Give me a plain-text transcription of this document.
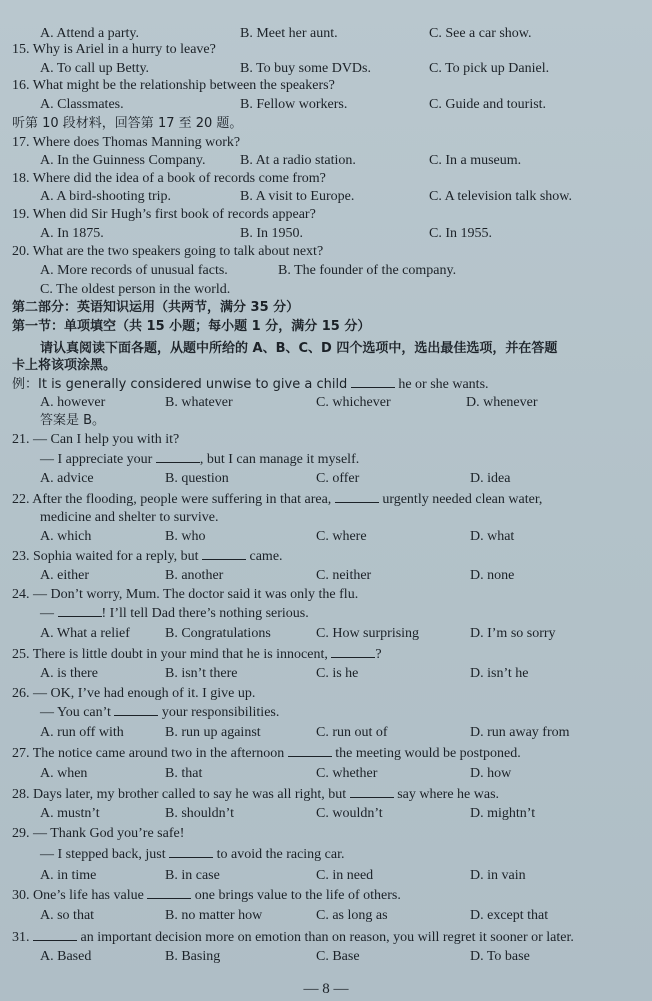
A. Attend a party.	B. Meet her aunt.	C. See a car show.
15. Why is Ariel in a hurry to leave?
A. To call up Betty.	B. To buy some DVDs.	C. To pick up Daniel.
16. What might be the relationship between the speakers?
A. Classmates.	B. Fellow workers.	C. Guide and tourist.
听第 10 段材料，回答第 17 至 20 题。
17. Where does Thomas Manning work?
A. In the Guinness Company. B. At a radio station.	C. In a museum.
18. Where did the idea of a book of records come from?
A. A bird-shooting trip.	B. A visit to Europe.	C. A television talk show.
19. When did Sir Hugh’s first book of records appear?
A. In 1875.	B. In 1950.	C. In 1955.
20. What are the two speakers going to talk about next?
A. More records of unusual facts.	B. The founder of the company.
C. The oldest person in the world.
第二部分：英语知识运用（共两节，满分 35 分）
第一节：单项填空（共 15 小题；每小题 1 分，满分 15 分）
请认真阅读下面各题，从题中所给的 A、B、C、D 四个选项中，选出最佳选项，并在答题
卡上将该项涂黑。
例：It is generally considered unwise to give a child	he or she wants.
A. however	B. whatever	C. whichever	D. whenever
答案是 B。
21. — Can I help you with it?
— I appreciate your	, but I can manage it myself.
A. advice	B. question	C. offer	D. idea
22. After the flooding, people were suffering in that area,	urgently needed clean water,
medicine and shelter to survive.
A. which	B. who	C. where	D. what
23. Sophia waited for a reply, but	came.
A. either	B. another	C. neither	D. none
24. — Don’t worry, Mum. The doctor said it was only the flu.
—	! I’ll tell Dad there’s nothing serious.
A. What a relief	B. Congratulations	C. How surprising	D. I’m so sorry
25. There is little doubt in your mind that he is innocent,	?
A. is there	B. isn’t there	C. is he	D. isn’t he
26. — OK, I’ve had enough of it. I give up.
— You can’t	your responsibilities.
A. run off with	B. run up against	C. run out of	D. run away from
27. The notice came around two in the afternoon	the meeting would be postponed.
A. when	B. that	C. whether	D. how
28. Days later, my brother called to say he was all right, but	say where he was.
A. mustn’t	B. shouldn’t	C. wouldn’t	D. mightn’t
29. — Thank God you’re safe!
— I stepped back, just	to avoid the racing car.
A. in time	B. in case	C. in need	D. in vain
30. One’s life has value	one brings value to the life of others.
A. so that	B. no matter how	C. as long as	D. except that
31.	an important decision more on emotion than on reason, you will regret it sooner or later.
A. Based	B. Basing	C. Base	D. To base
— 8 —
